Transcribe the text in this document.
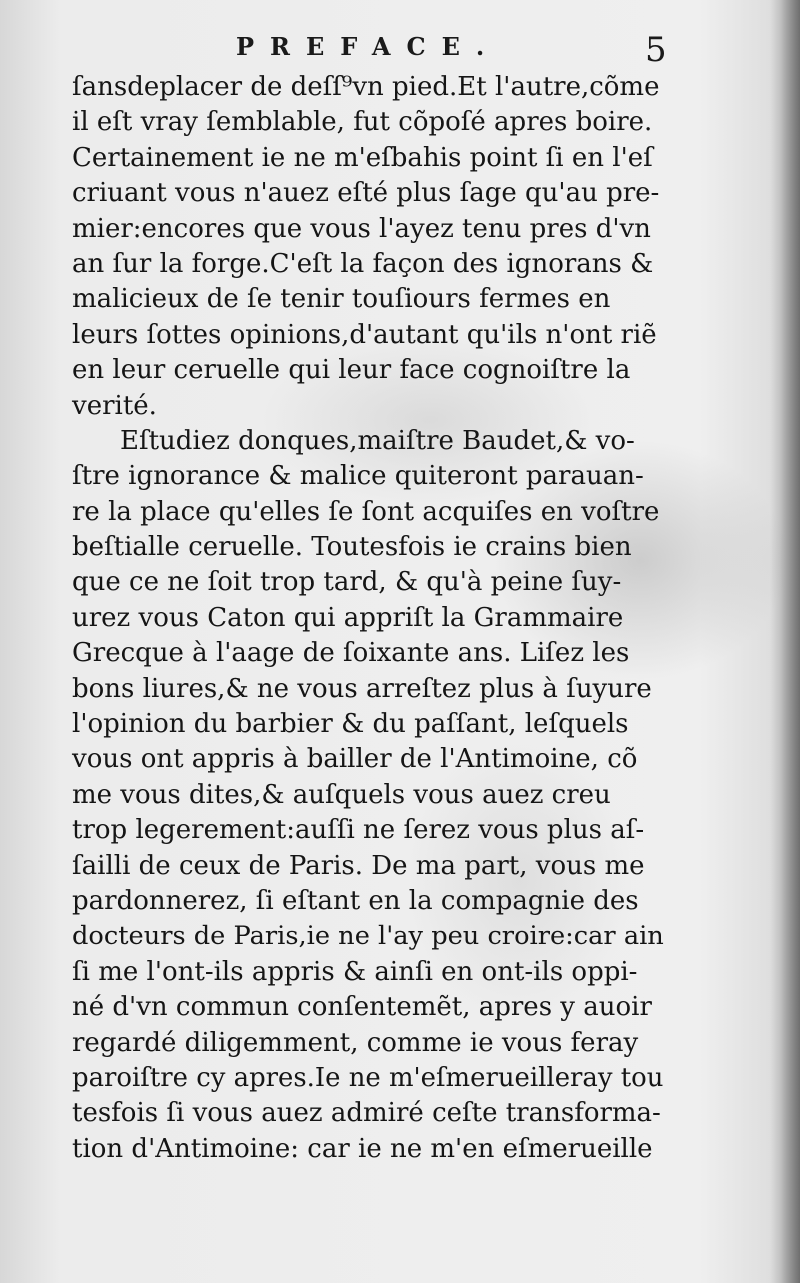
PREFACE.	5
ſansdeplacer de deſſ⁹vn pied.Et l'autre,cõme
il eſt vray ſemblable, fut cõpoſé apres boire.
Certainement ie ne m'eſbahis point ſi en l'eſ
criuant vous n'auez eſté plus ſage qu'au pre-
mier:encores que vous l'ayez tenu pres d'vn
an ſur la forge.C'eſt la façon des ignorans &
malicieux de ſe tenir touſiours fermes en
leurs ſottes opinions,d'autant qu'ils n'ont riẽ
en leur ceruelle qui leur face cognoiſtre la
verité.
Eſtudiez donques,maiſtre Baudet,& vo-
ſtre ignorance & malice quiteront parauan-
re la place qu'elles ſe ſont acquiſes en voſtre
beſtialle ceruelle. Toutesfois ie crains bien
que ce ne ſoit trop tard, & qu'à peine ſuy-
urez vous Caton qui appriſt la Grammaire
Grecque à l'aage de ſoixante ans. Liſez les
bons liures,& ne vous arreſtez plus à ſuyure
l'opinion du barbier & du paſſant, leſquels
vous ont appris à bailler de l'Antimoine, cõ
me vous dites,& auſquels vous auez creu
trop legerement:auſſi ne ſerez vous plus aſ-
ſailli de ceux de Paris. De ma part, vous me
pardonnerez, ſi eſtant en la compagnie des
docteurs de Paris,ie ne l'ay peu croire:car ain
ſi me l'ont-ils appris & ainſi en ont-ils oppi-
né d'vn commun conſentemẽt, apres y auoir
regardé diligemment, comme ie vous feray
paroiſtre cy apres.Ie ne m'eſmerueilleray tou
tesfois ſi vous auez admiré ceſte transforma-
tion d'Antimoine: car ie ne m'en eſmerueille
